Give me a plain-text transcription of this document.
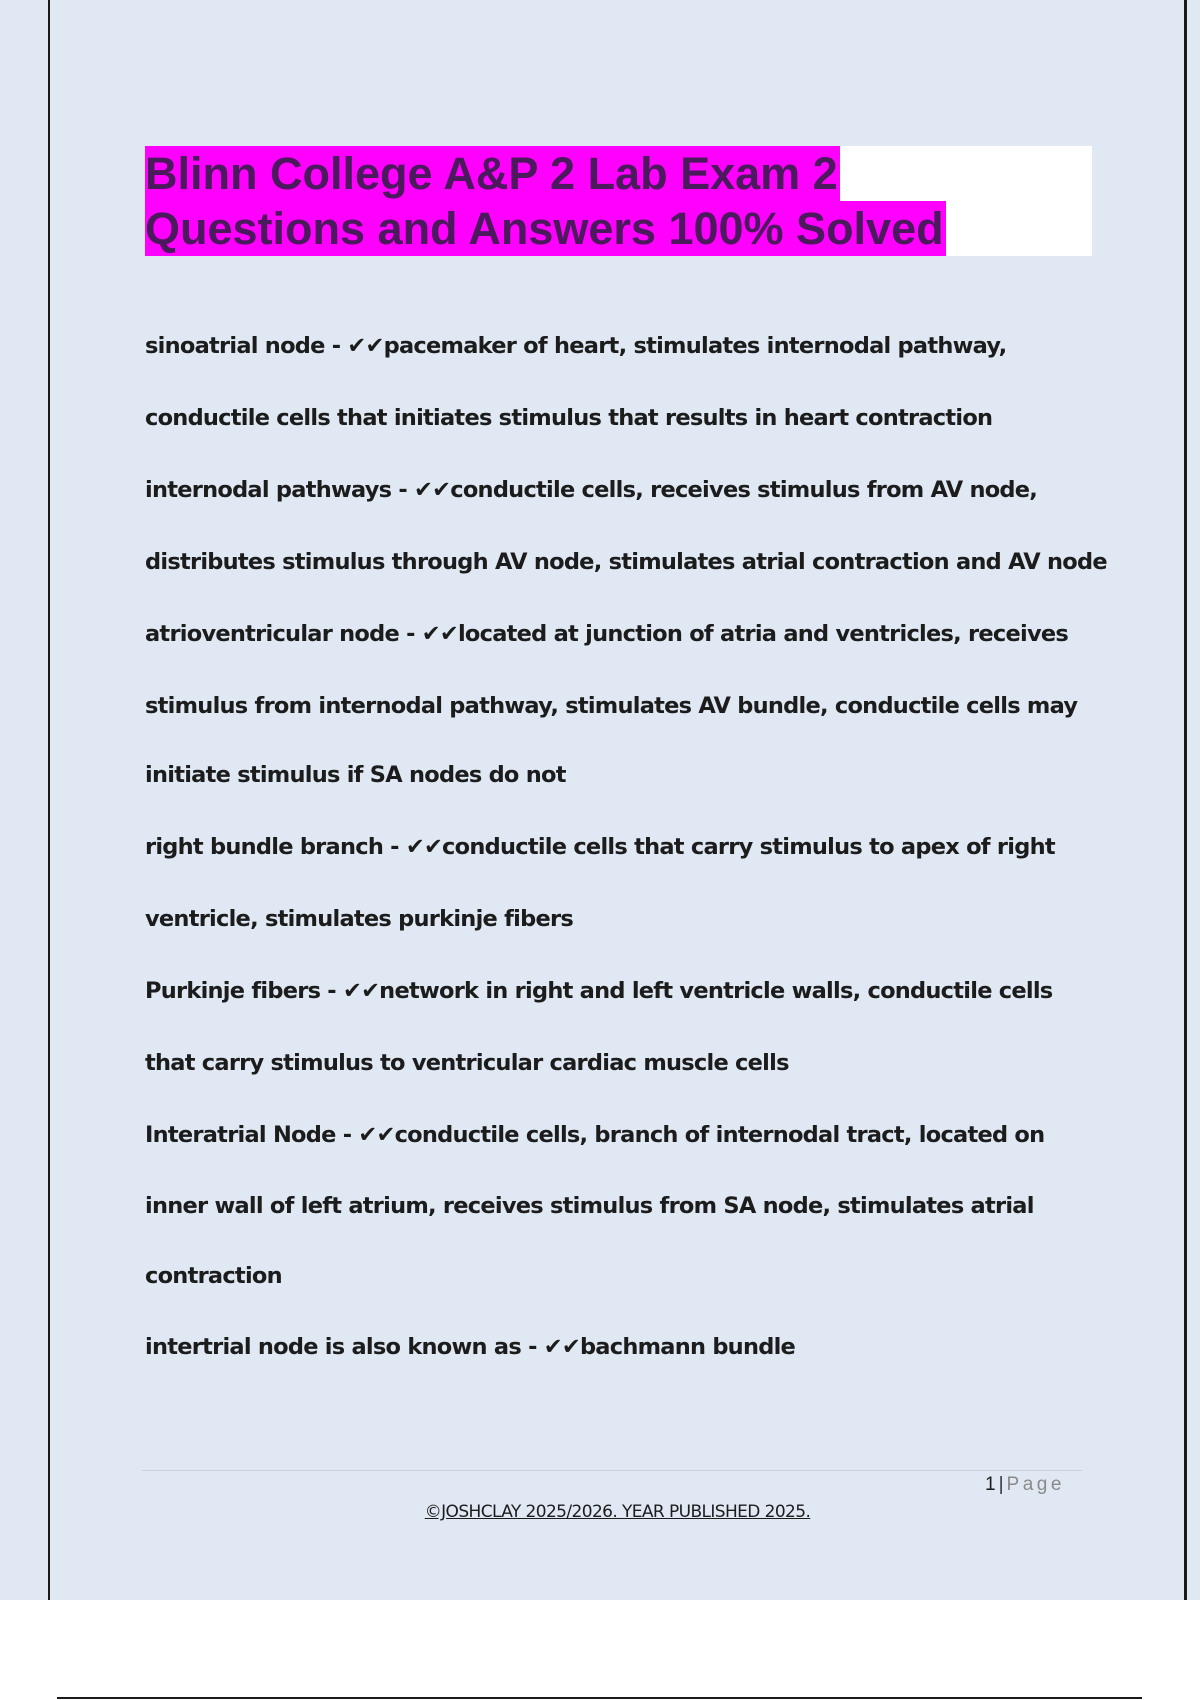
Blinn College A&P 2 Lab Exam 2
Questions and Answers 100% Solved
sinoatrial node - ✔✔pacemaker of heart, stimulates internodal pathway,
conductile cells that initiates stimulus that results in heart contraction
internodal pathways - ✔✔conductile cells, receives stimulus from AV node,
distributes stimulus through AV node, stimulates atrial contraction and AV node
atrioventricular node - ✔✔located at junction of atria and ventricles, receives
stimulus from internodal pathway, stimulates AV bundle, conductile cells may
initiate stimulus if SA nodes do not
right bundle branch - ✔✔conductile cells that carry stimulus to apex of right
ventricle, stimulates purkinje fibers
Purkinje fibers - ✔✔network in right and left ventricle walls, conductile cells
that carry stimulus to ventricular cardiac muscle cells
Interatrial Node - ✔✔conductile cells, branch of internodal tract, located on
inner wall of left atrium, receives stimulus from SA node, stimulates atrial
contraction
intertrial node is also known as - ✔✔bachmann bundle
1 | Page
©JOSHCLAY 2025/2026. YEAR PUBLISHED 2025.
